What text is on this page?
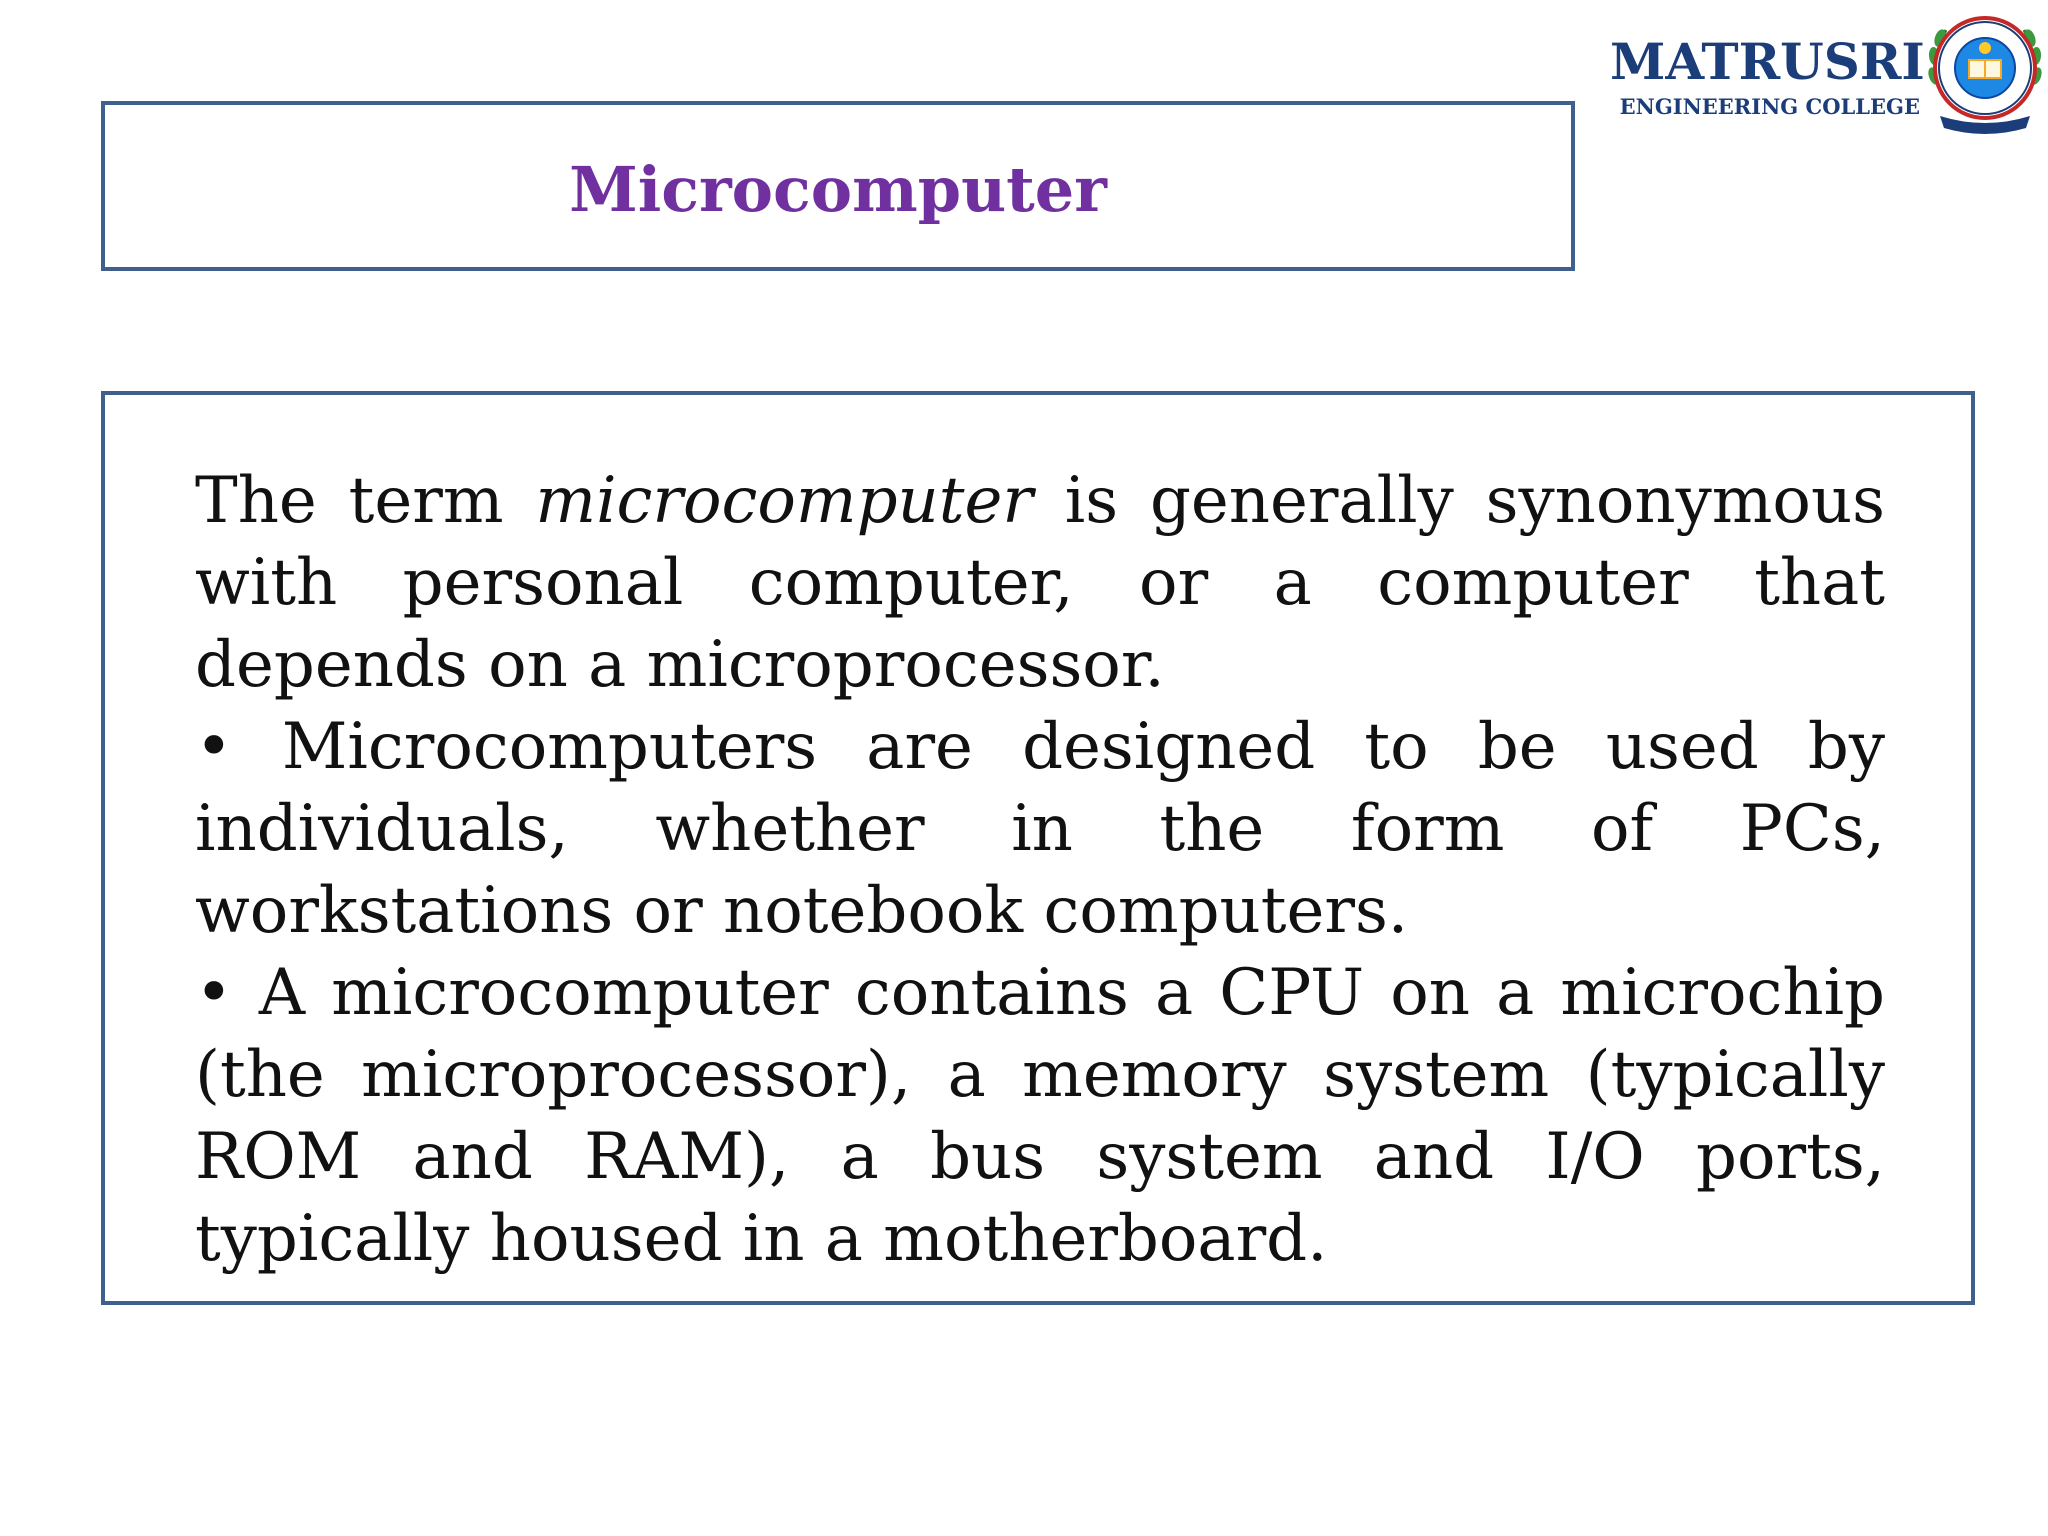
MATRUSRI
ENGINEERING COLLEGE
Microcomputer

The term microcomputer is generally synonymous with personal computer, or a computer that depends on a microprocessor.

• Microcomputers are designed to be used by individuals, whether in the form of PCs, workstations or notebook computers.

• A microcomputer contains a CPU on a microchip (the microprocessor), a memory system (typically ROM and RAM), a bus system and I/O ports, typically housed in a motherboard.
